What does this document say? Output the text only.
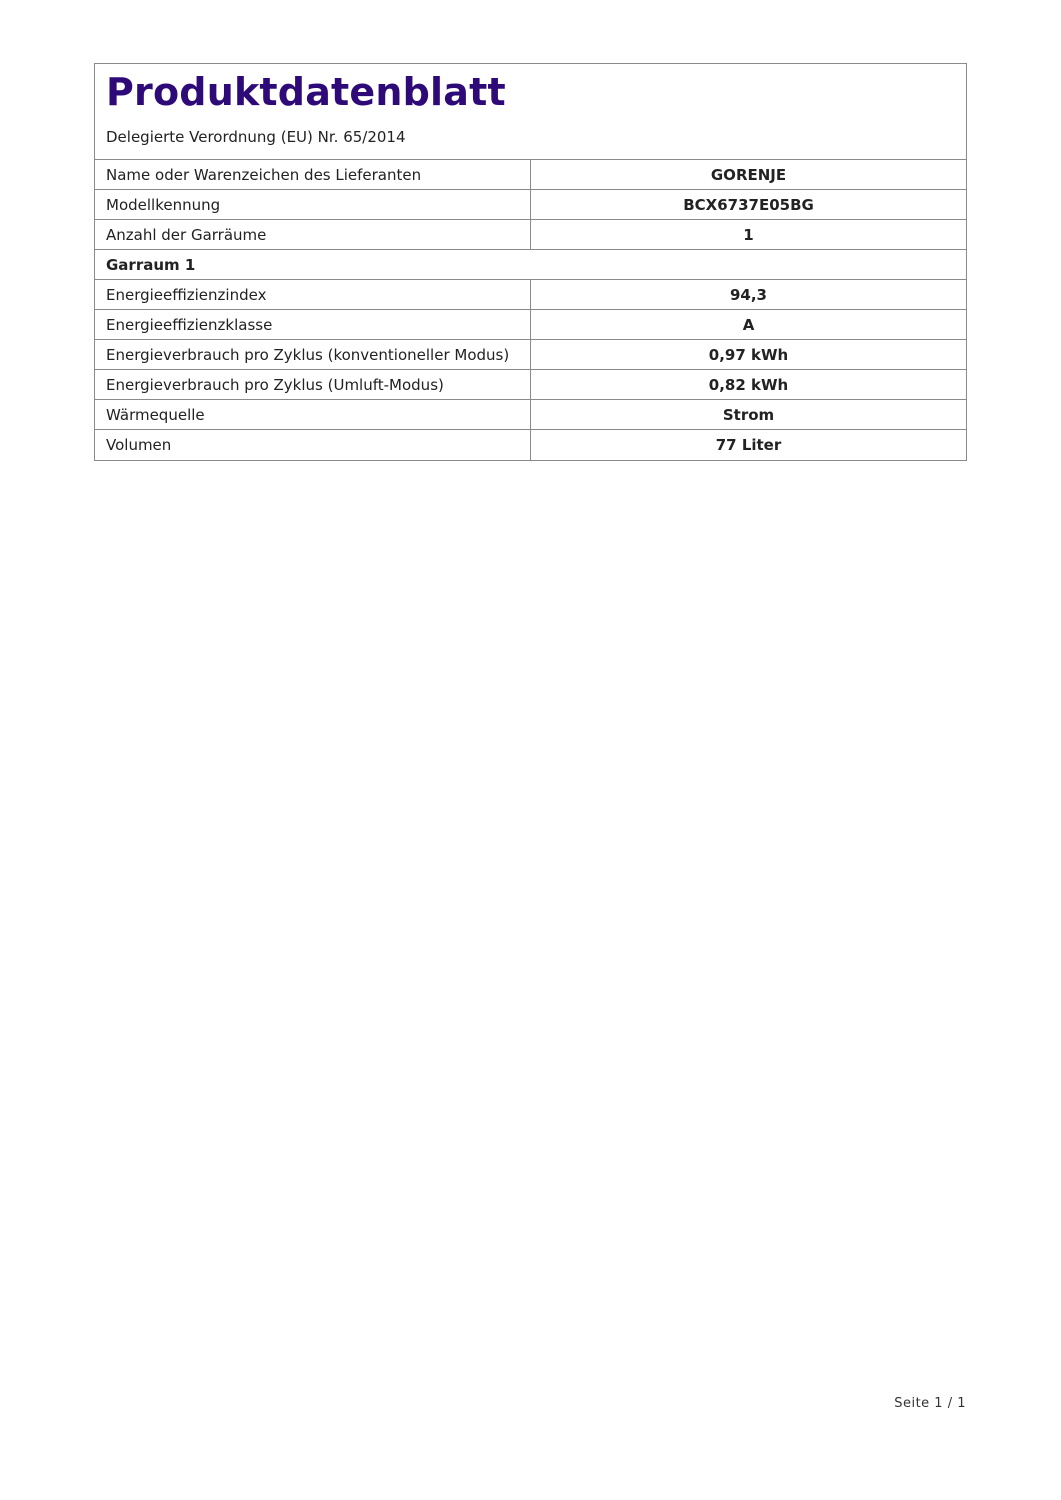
Produktdatenblatt
Delegierte Verordnung (EU) Nr. 65/2014
Name oder Warenzeichen des Lieferanten	GORENJE
Modellkennung	BCX6737E05BG
Anzahl der Garräume	1
Garraum 1
Energieeffizienzindex	94,3
Energieeffizienzklasse	A
Energieverbrauch pro Zyklus (konventioneller Modus)	0,97 kWh
Energieverbrauch pro Zyklus (Umluft-Modus)	0,82 kWh
Wärmequelle	Strom
Volumen	77 Liter
Seite 1 / 1
